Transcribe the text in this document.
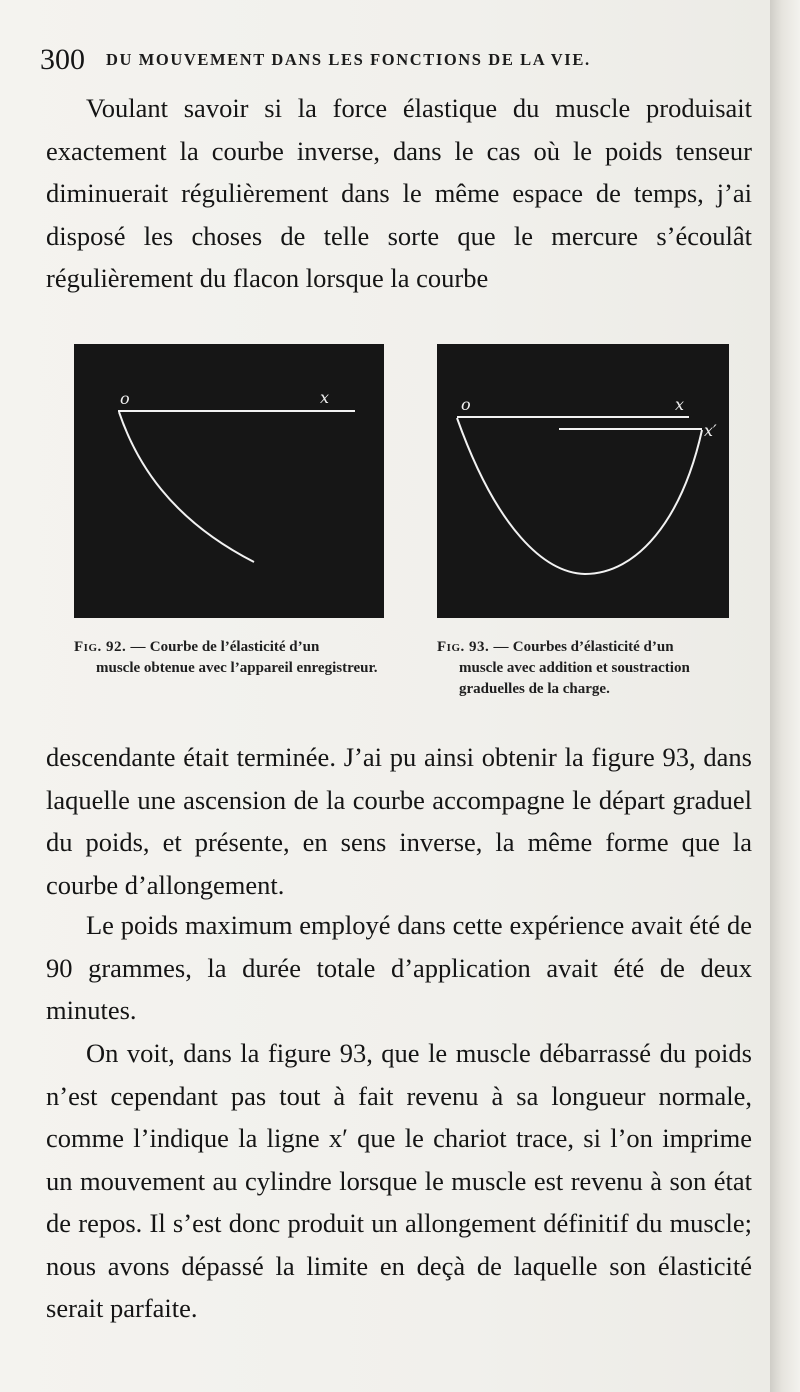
300 DU MOUVEMENT DANS LES FONCTIONS DE LA VIE.

Voulant savoir si la force élastique du muscle produisait exactement la courbe inverse, dans le cas où le poids tenseur diminuerait régulièrement dans le même espace de temps, j’ai disposé les choses de telle sorte que le mercure s’écoulât régulièrement du flacon lorsque la courbe

o	x	o	x
x′
Fig. 92. — Courbe de l’élasticité d’un
muscle obtenue avec l’appareil enregistreur.
Fig. 93. — Courbes d’élasticité d’un
muscle avec addition et soustraction graduelles de la charge.

descendante était terminée. J’ai pu ainsi obtenir la figure 93, dans laquelle une ascension de la courbe accompagne le départ graduel du poids, et présente, en sens inverse, la même forme que la courbe d’allongement.

Le poids maximum employé dans cette expérience avait été de 90 grammes, la durée totale d’application avait été de deux minutes.

On voit, dans la figure 93, que le muscle débarrassé du poids n’est cependant pas tout à fait revenu à sa longueur normale, comme l’indique la ligne x′ que le chariot trace, si l’on imprime un mouvement au cylindre lorsque le muscle est revenu à son état de repos. Il s’est donc produit un allongement définitif du muscle; nous avons dépassé la limite en deçà de laquelle son élasticité serait parfaite.
